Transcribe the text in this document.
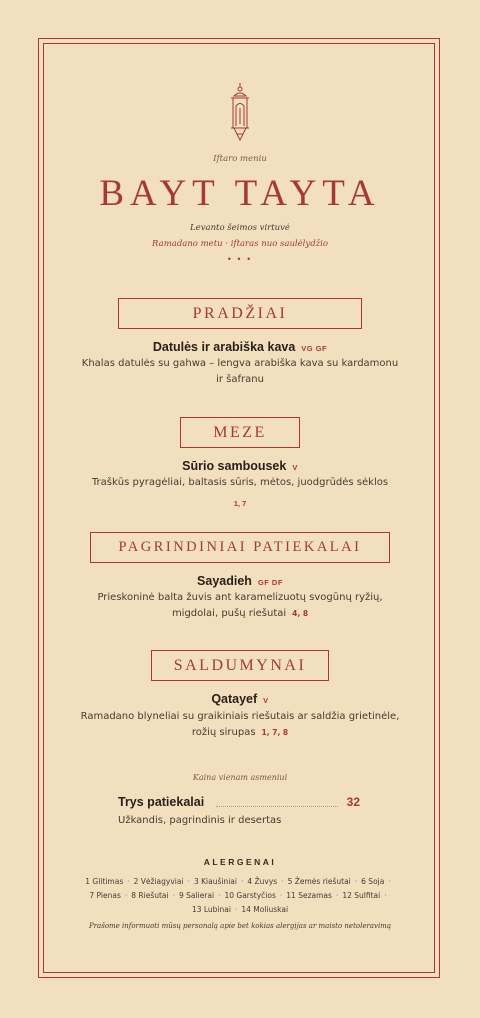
Iftaro meniu
BAYT TAYTA
Levanto šeimos virtuvė
Ramadano metu · iftaras nuo saulėlydžio
• • •
PRADŽIAI
Datulės ir arabiška kava VG GF
Khalas datulės su gahwa – lengva arabiška kava su kardamonu
ir šafranu
MEZE
Sūrio sambousek V
Traškūs pyragėliai, baltasis sūris, mėtos, juodgrūdės sėklos
1, 7
PAGRINDINIAI PATIEKALAI
Sayadieh GF DF
Prieskoninė balta žuvis ant karamelizuotų svogūnų ryžių,
migdolai, pušų riešutai 4, 8
SALDUMYNAI
Qatayef V
Ramadano blyneliai su graikiniais riešutais ar saldžia grietinėle,
rožių sirupas 1, 7, 8
Kaina vienam asmeniui
Trys patiekalai	32
Užkandis, pagrindinis ir desertas
ALERGENAI
1 Glitimas · 2 Vėžiagyviai · 3 Kiaušiniai · 4 Žuvys · 5 Žemės riešutai · 6 Soja ·
7 Pienas · 8 Riešutai · 9 Salierai · 10 Garstyčios · 11 Sezamas · 12 Sulfitai ·
13 Lubinai · 14 Moliuskai
Prašome informuoti mūsų personalą apie bet kokias alergijas ar maisto netoleravimą
